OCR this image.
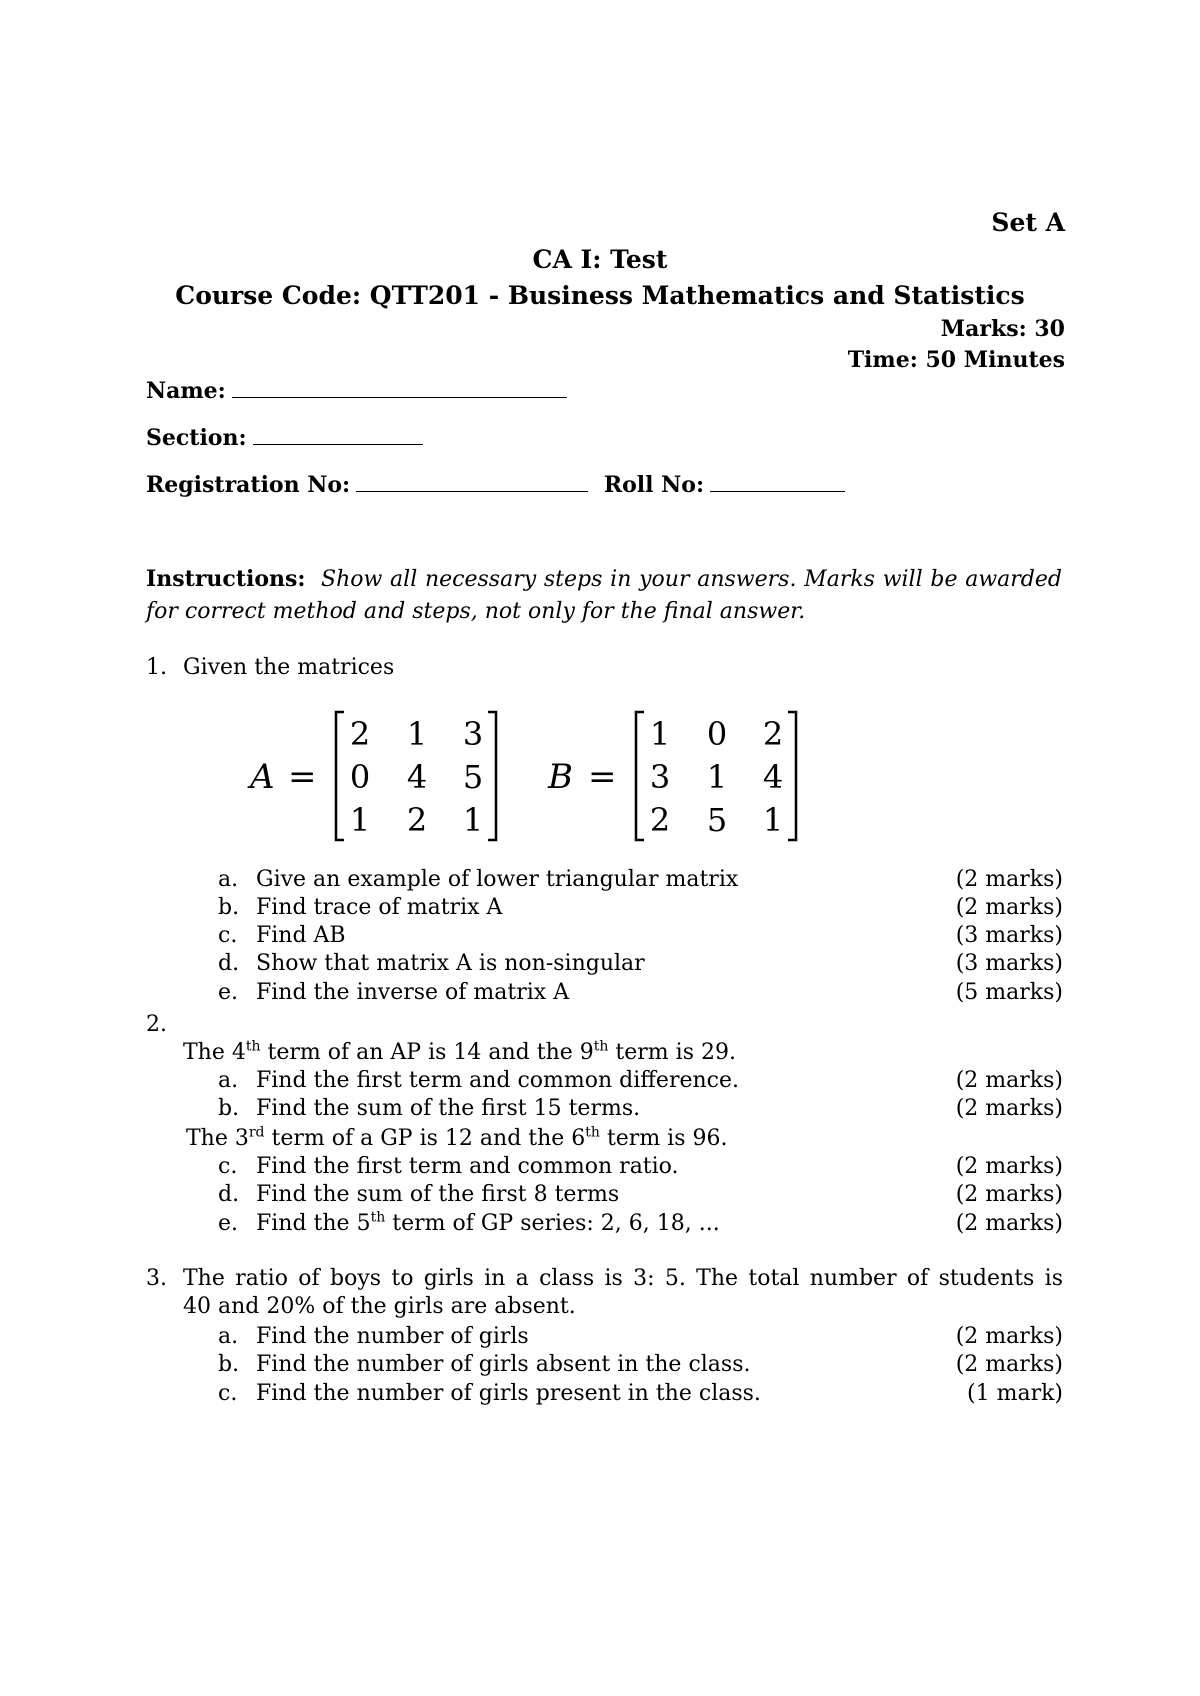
Set A
CA I: Test
Course Code: QTT201 - Business Mathematics and Statistics
Marks: 30
Time: 50 Minutes
Name:
Section:
Registration No:	Roll No:
Instructions: Show all necessary steps in your answers. Marks will be awarded for correct method and steps, not only for the final answer.
1. Given the matrices
A =
2 1 3
0 4 5
1 2 1
B =
1 0 2
3 1 4
2 5 1
a. Give an example of lower triangular matrix	(2 marks)
b. Find trace of matrix A	(2 marks)
c. Find AB	(3 marks)
d. Show that matrix A is non-singular	(3 marks)
e. Find the inverse of matrix A	(5 marks)
2.
The 4th term of an AP is 14 and the 9th term is 29.
a. Find the first term and common difference.	(2 marks)
b. Find the sum of the first 15 terms.	(2 marks)
The 3rd term of a GP is 12 and the 6th term is 96.
c. Find the first term and common ratio.	(2 marks)
d. Find the sum of the first 8 terms	(2 marks)
e. Find the 5th term of GP series: 2, 6, 18, ...	(2 marks)
3. The ratio of boys to girls in a class is 3: 5. The total number of students is
40 and 20% of the girls are absent.
a. Find the number of girls	(2 marks)
b. Find the number of girls absent in the class.	(2 marks)
c. Find the number of girls present in the class.	(1 mark)
